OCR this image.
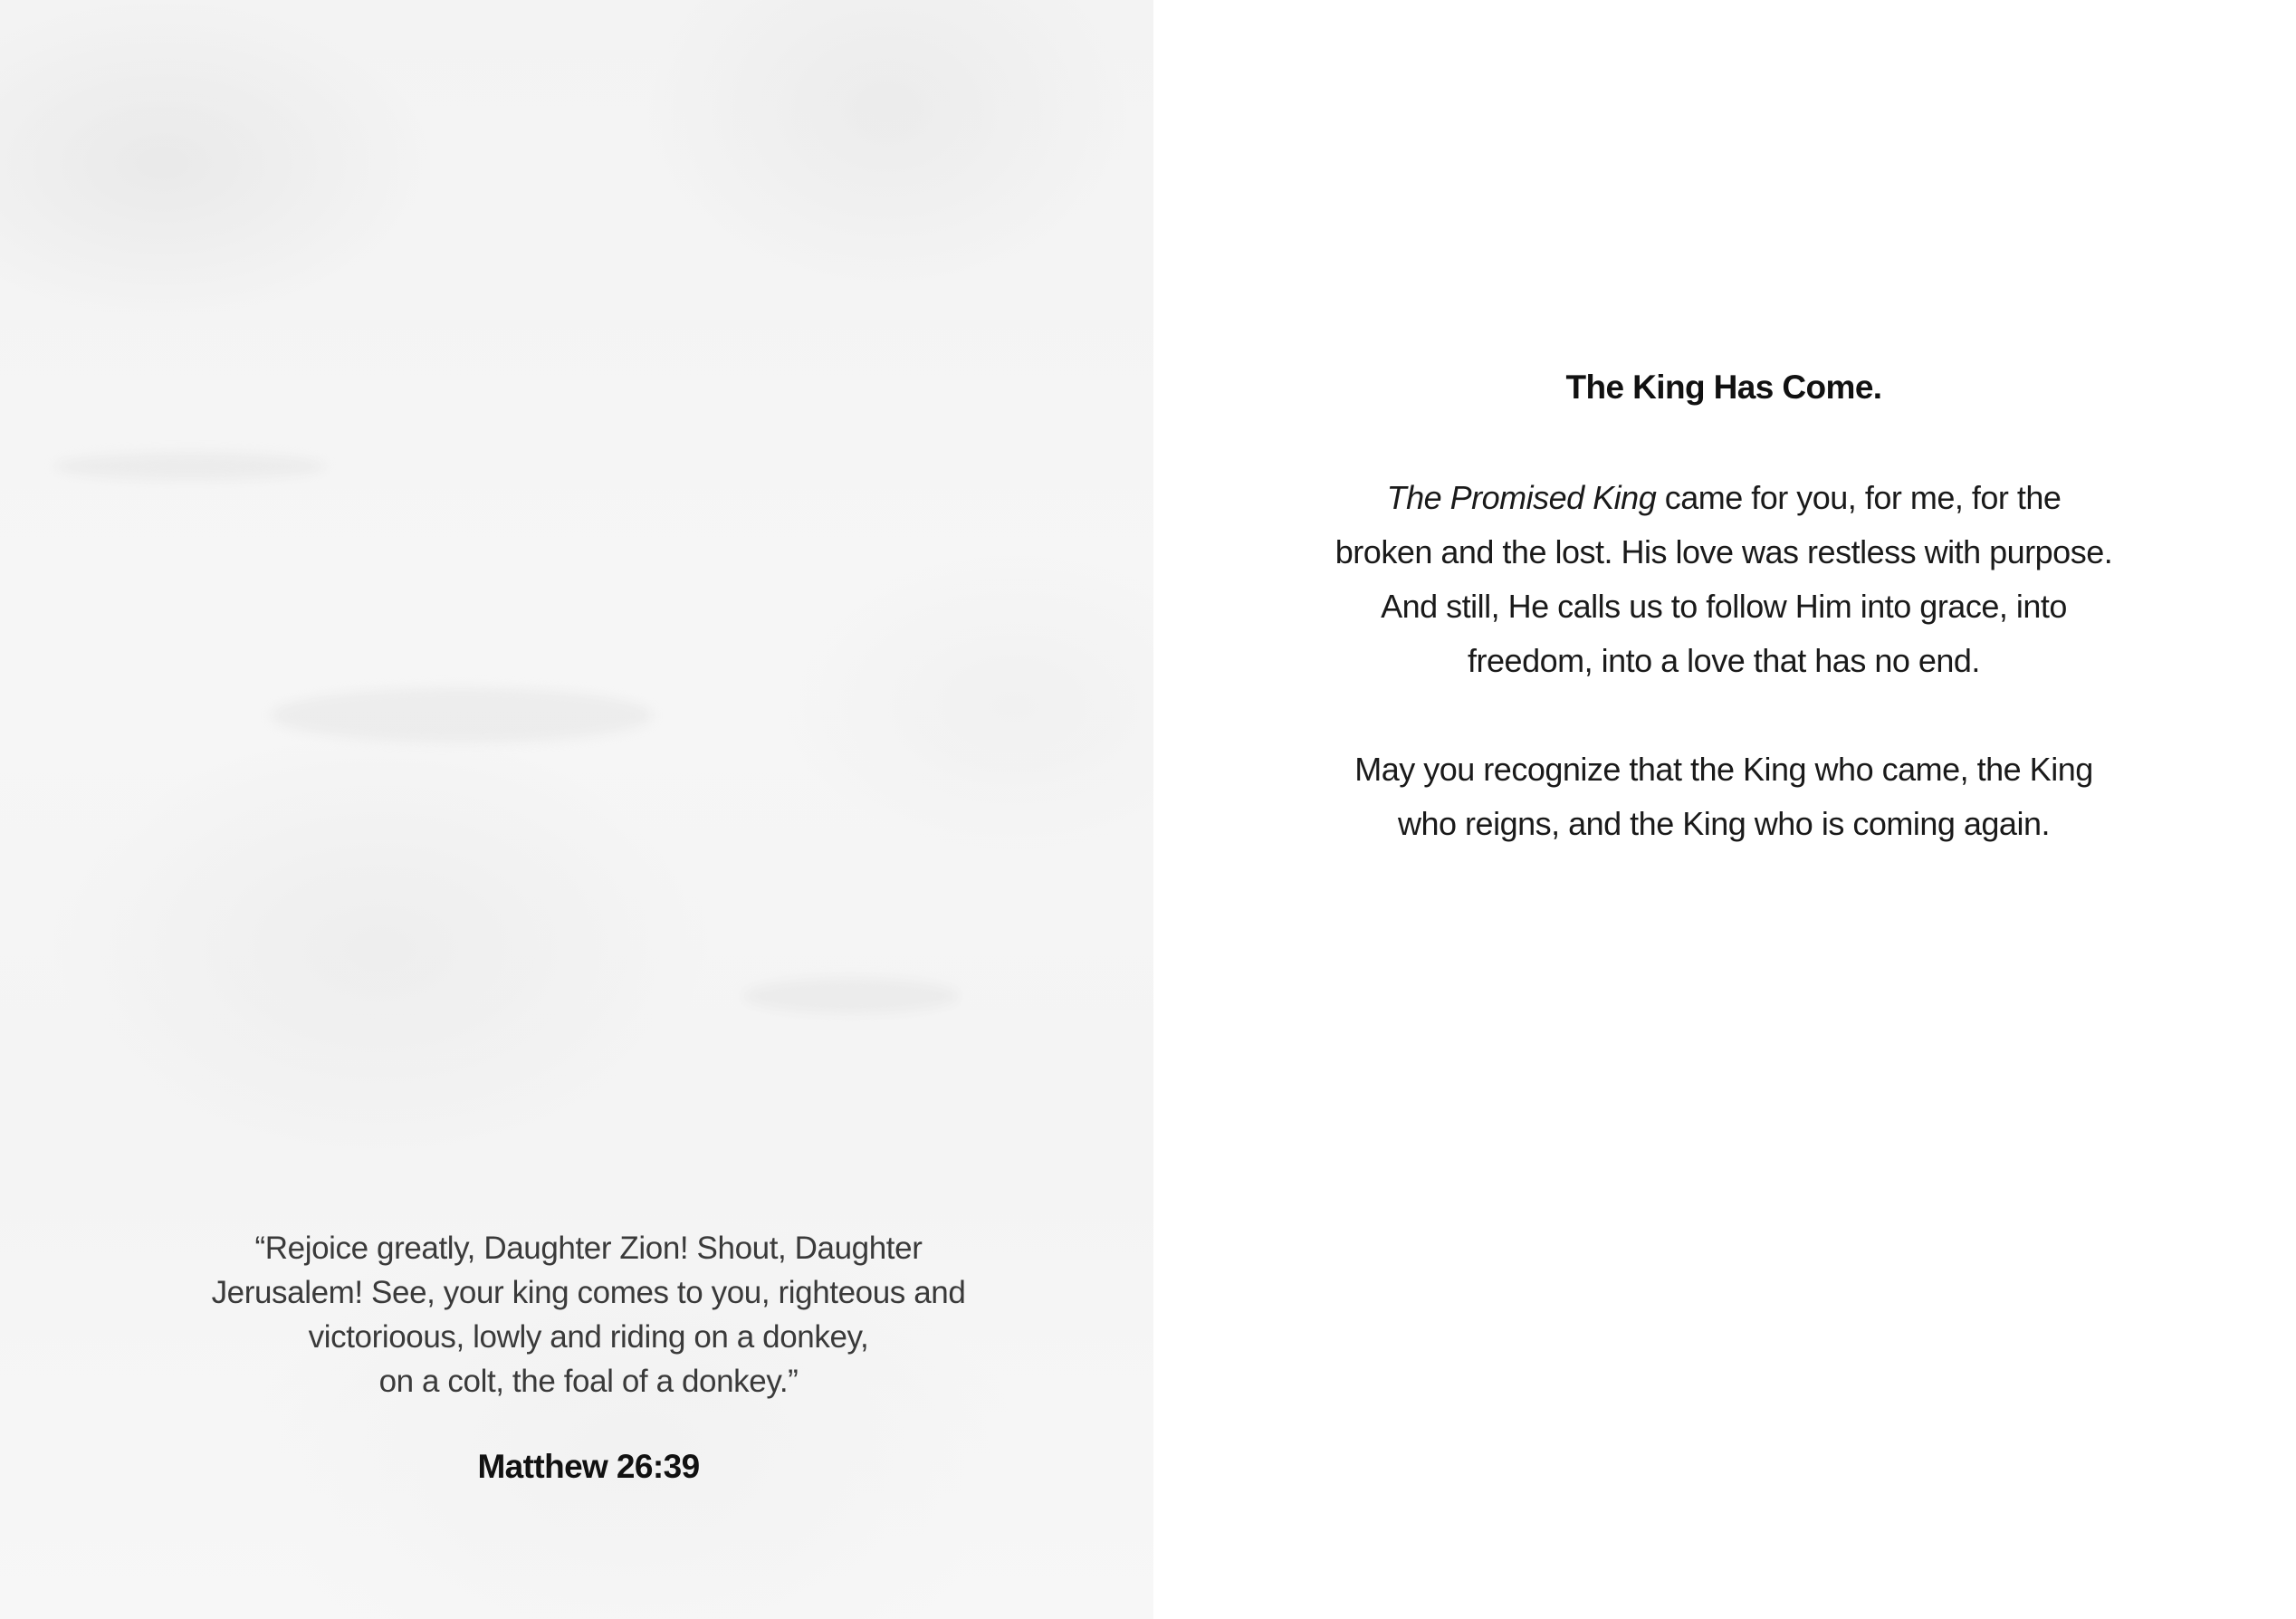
“Rejoice greatly, Daughter Zion! Shout, Daughter
Jerusalem! See, your king comes to you, righteous and
victorioous, lowly and riding on a donkey,
on a colt, the foal of a donkey.”
Matthew 26:39
The King Has Come.
The Promised King came for you, for me, for the
broken and the lost. His love was restless with purpose.
And still, He calls us to follow Him into grace, into
freedom, into a love that has no end.
May you recognize that the King who came, the King
who reigns, and the King who is coming again.
